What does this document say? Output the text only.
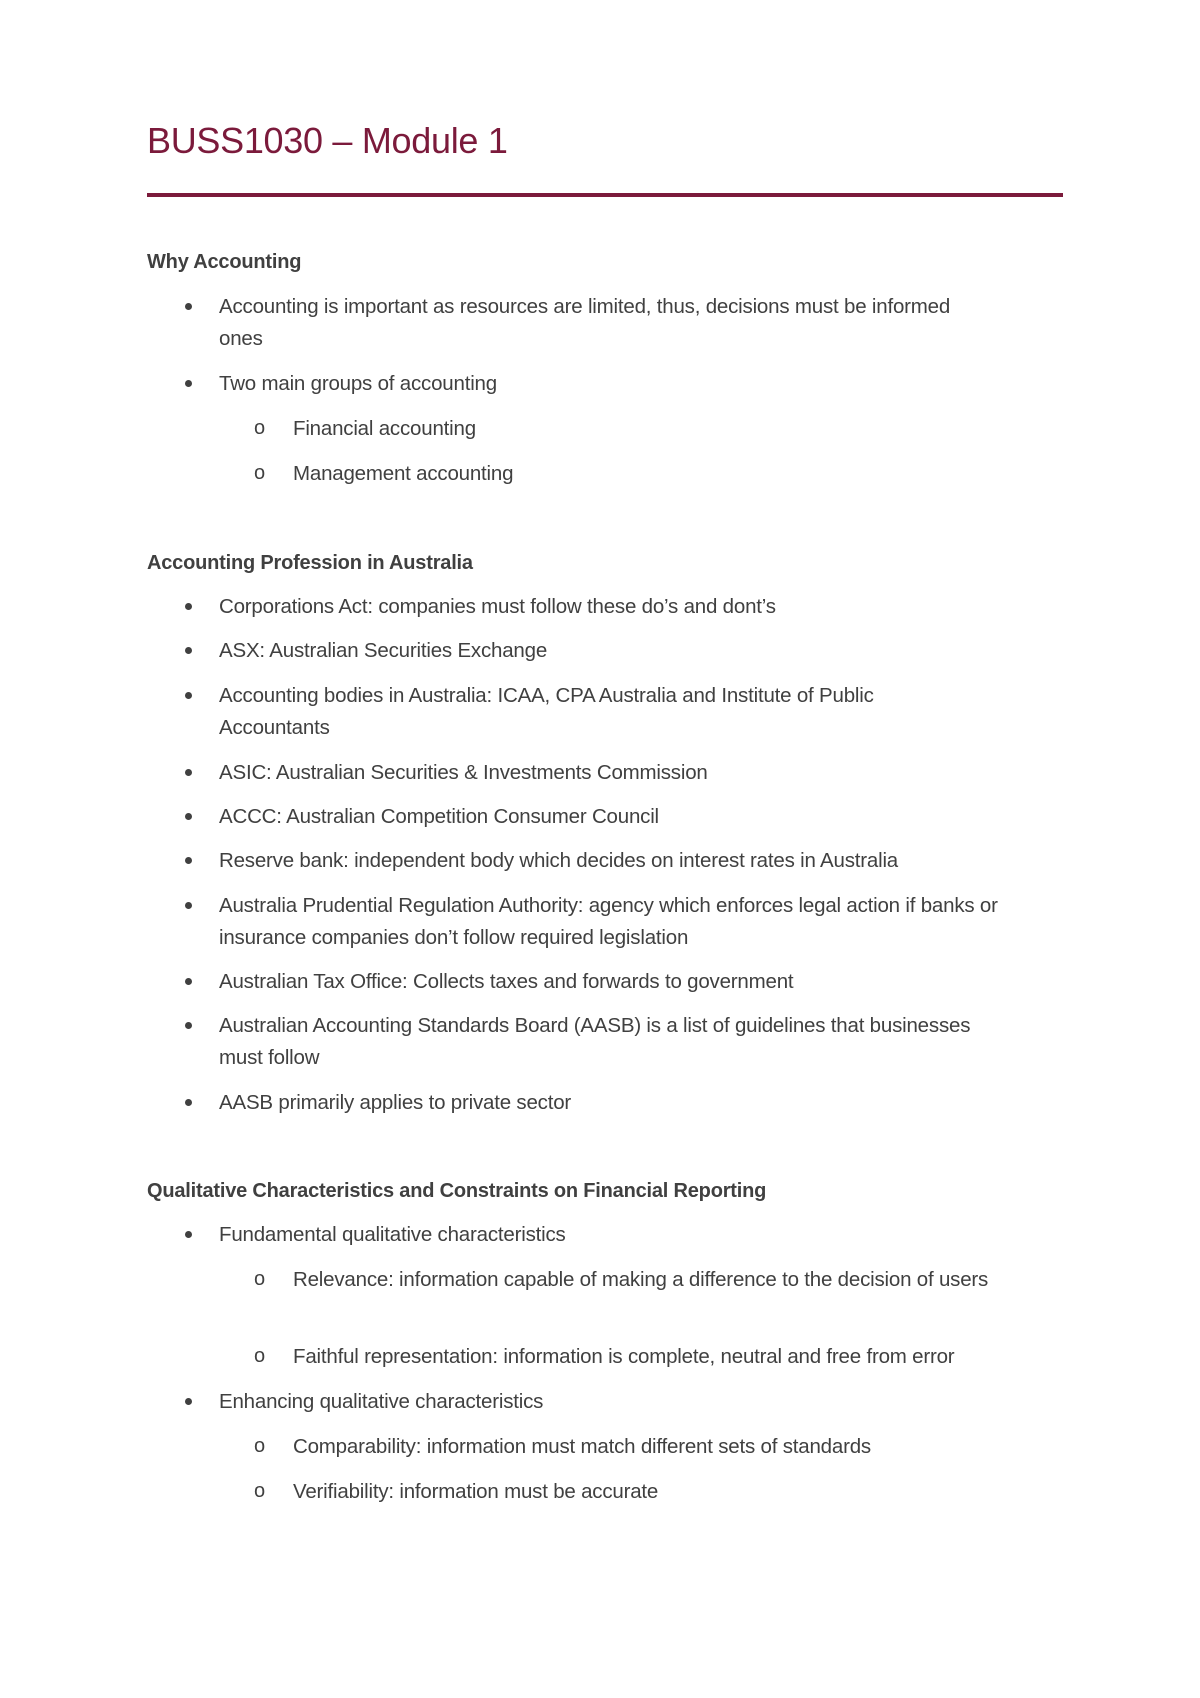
BUSS1030 – Module 1
Why Accounting
Accounting is important as resources are limited, thus, decisions must be informed ones
Two main groups of accounting
o Financial accounting
o Management accounting
Accounting Profession in Australia
Corporations Act: companies must follow these do’s and dont’s
ASX: Australian Securities Exchange
Accounting bodies in Australia: ICAA, CPA Australia and Institute of Public Accountants
ASIC: Australian Securities & Investments Commission
ACCC: Australian Competition Consumer Council
Reserve bank: independent body which decides on interest rates in Australia
Australia Prudential Regulation Authority: agency which enforces legal action if banks or insurance companies don’t follow required legislation
Australian Tax Office: Collects taxes and forwards to government
Australian Accounting Standards Board (AASB) is a list of guidelines that businesses must follow
AASB primarily applies to private sector
Qualitative Characteristics and Constraints on Financial Reporting
Fundamental qualitative characteristics
o Relevance: information capable of making a difference to the decision of users
o Faithful representation: information is complete, neutral and free from error
Enhancing qualitative characteristics
o Comparability: information must match different sets of standards
o Verifiability: information must be accurate
